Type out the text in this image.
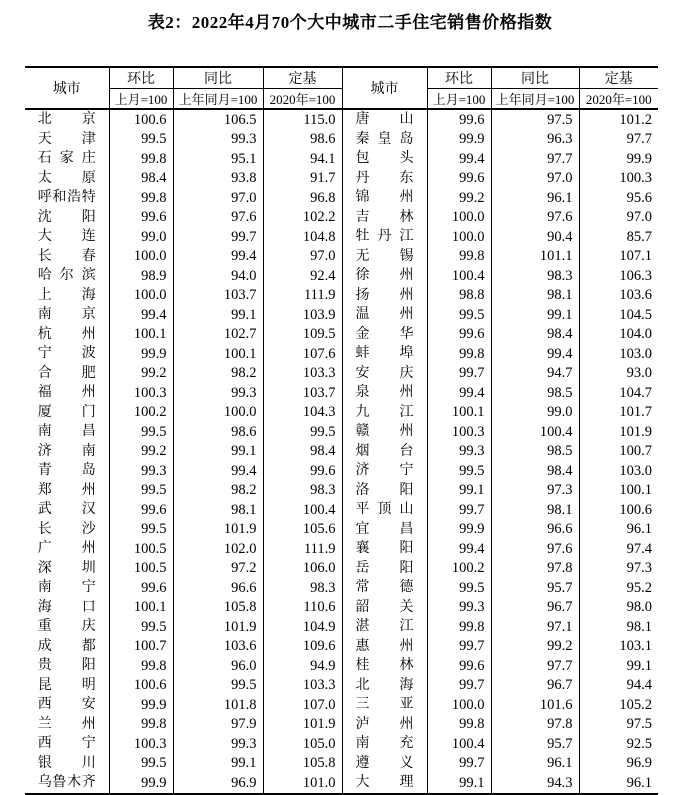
表2：2022年4月70个大中城市二手住宅销售价格指数
城市	环比	同比	定基	城市	环比	同比	定基
	上月=100	上年同月=100	2020年=100		上月=100	上年同月=100	2020年=100
北京	100.6	106.5	115.0	唐山	99.6	97.5	101.2
天津	99.5	99.3	98.6	秦皇岛	99.9	96.3	97.7
石家庄	99.8	95.1	94.1	包头	99.4	97.7	99.9
太原	98.4	93.8	91.7	丹东	99.6	97.0	100.3
呼和浩特	99.8	97.0	96.8	锦州	99.2	96.1	95.6
沈阳	99.6	97.6	102.2	吉林	100.0	97.6	97.0
大连	99.0	99.7	104.8	牡丹江	100.0	90.4	85.7
长春	100.0	99.4	97.0	无锡	99.8	101.1	107.1
哈尔滨	98.9	94.0	92.4	徐州	100.4	98.3	106.3
上海	100.0	103.7	111.9	扬州	98.8	98.1	103.6
南京	99.4	99.1	103.9	温州	99.5	99.1	104.5
杭州	100.1	102.7	109.5	金华	99.6	98.4	104.0
宁波	99.9	100.1	107.6	蚌埠	99.8	99.4	103.0
合肥	99.2	98.2	103.3	安庆	99.7	94.7	93.0
福州	100.3	99.3	103.7	泉州	99.4	98.5	104.7
厦门	100.2	100.0	104.3	九江	100.1	99.0	101.7
南昌	99.5	98.6	99.5	赣州	100.3	100.4	101.9
济南	99.2	99.1	98.4	烟台	99.3	98.5	100.7
青岛	99.3	99.4	99.6	济宁	99.5	98.4	103.0
郑州	99.5	98.2	98.3	洛阳	99.1	97.3	100.1
武汉	99.6	98.1	100.4	平顶山	99.7	98.1	100.6
长沙	99.5	101.9	105.6	宜昌	99.9	96.6	96.1
广州	100.5	102.0	111.9	襄阳	99.4	97.6	97.4
深圳	100.5	97.2	106.0	岳阳	100.2	97.8	97.3
南宁	99.6	96.6	98.3	常德	99.5	95.7	95.2
海口	100.1	105.8	110.6	韶关	99.3	96.7	98.0
重庆	99.5	101.9	104.9	湛江	99.8	97.1	98.1
成都	100.7	103.6	109.6	惠州	99.7	99.2	103.1
贵阳	99.8	96.0	94.9	桂林	99.6	97.7	99.1
昆明	100.6	99.5	103.3	北海	99.7	96.7	94.4
西安	99.9	101.8	107.0	三亚	100.0	101.6	105.2
兰州	99.8	97.9	101.9	泸州	99.8	97.8	97.5
西宁	100.3	99.3	105.0	南充	100.4	95.7	92.5
银川	99.5	99.1	105.8	遵义	99.7	96.1	96.9
乌鲁木齐	99.9	96.9	101.0	大理	99.1	94.3	96.1
